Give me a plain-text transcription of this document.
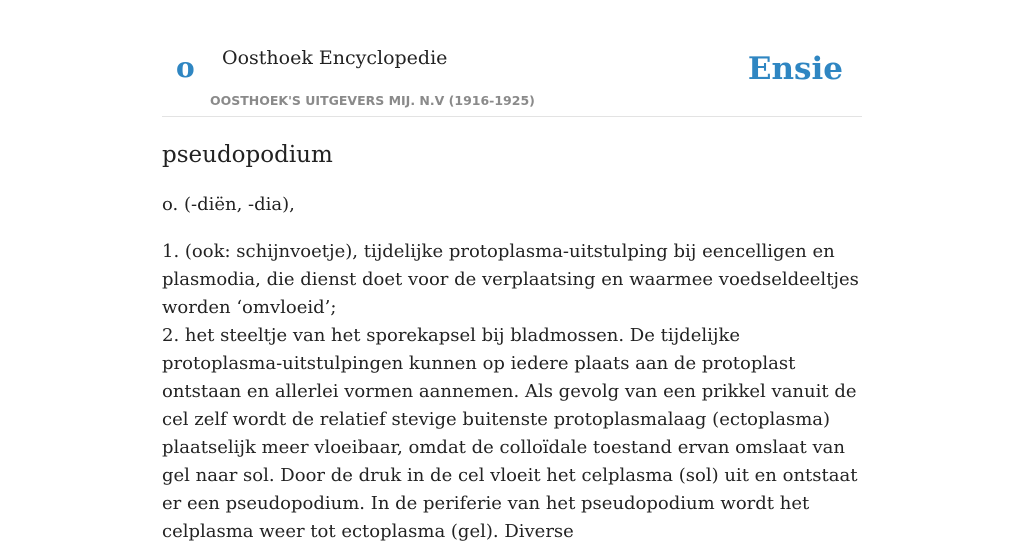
o Oosthoek Encyclopedie
OOSTHOEK'S UITGEVERS MIJ. N.V (1916-1925)
Ensie
pseudopodium

o. (-diën, -dia),

1. (ook: schijnvoetje), tijdelijke protoplasma-uitstulping bij eencelligen en plasmodia, die dienst doet voor de verplaatsing en waarmee voedseldeeltjes worden ‘omvloeid’;
2. het steeltje van het sporekapsel bij bladmossen. De tijdelijke protoplasma-uitstulpingen kunnen op iedere plaats aan de protoplast ontstaan en allerlei vormen aannemen. Als gevolg van een prikkel vanuit de cel zelf wordt de relatief stevige buitenste protoplasmalaag (ectoplasma) plaatselijk meer vloeibaar, omdat de colloïdale toestand ervan omslaat van gel naar sol. Door de druk in de cel vloeit het celplasma (sol) uit en ontstaat er een pseudopodium. In de periferie van het pseudopodium wordt het celplasma weer tot ectoplasma (gel). Diverse
